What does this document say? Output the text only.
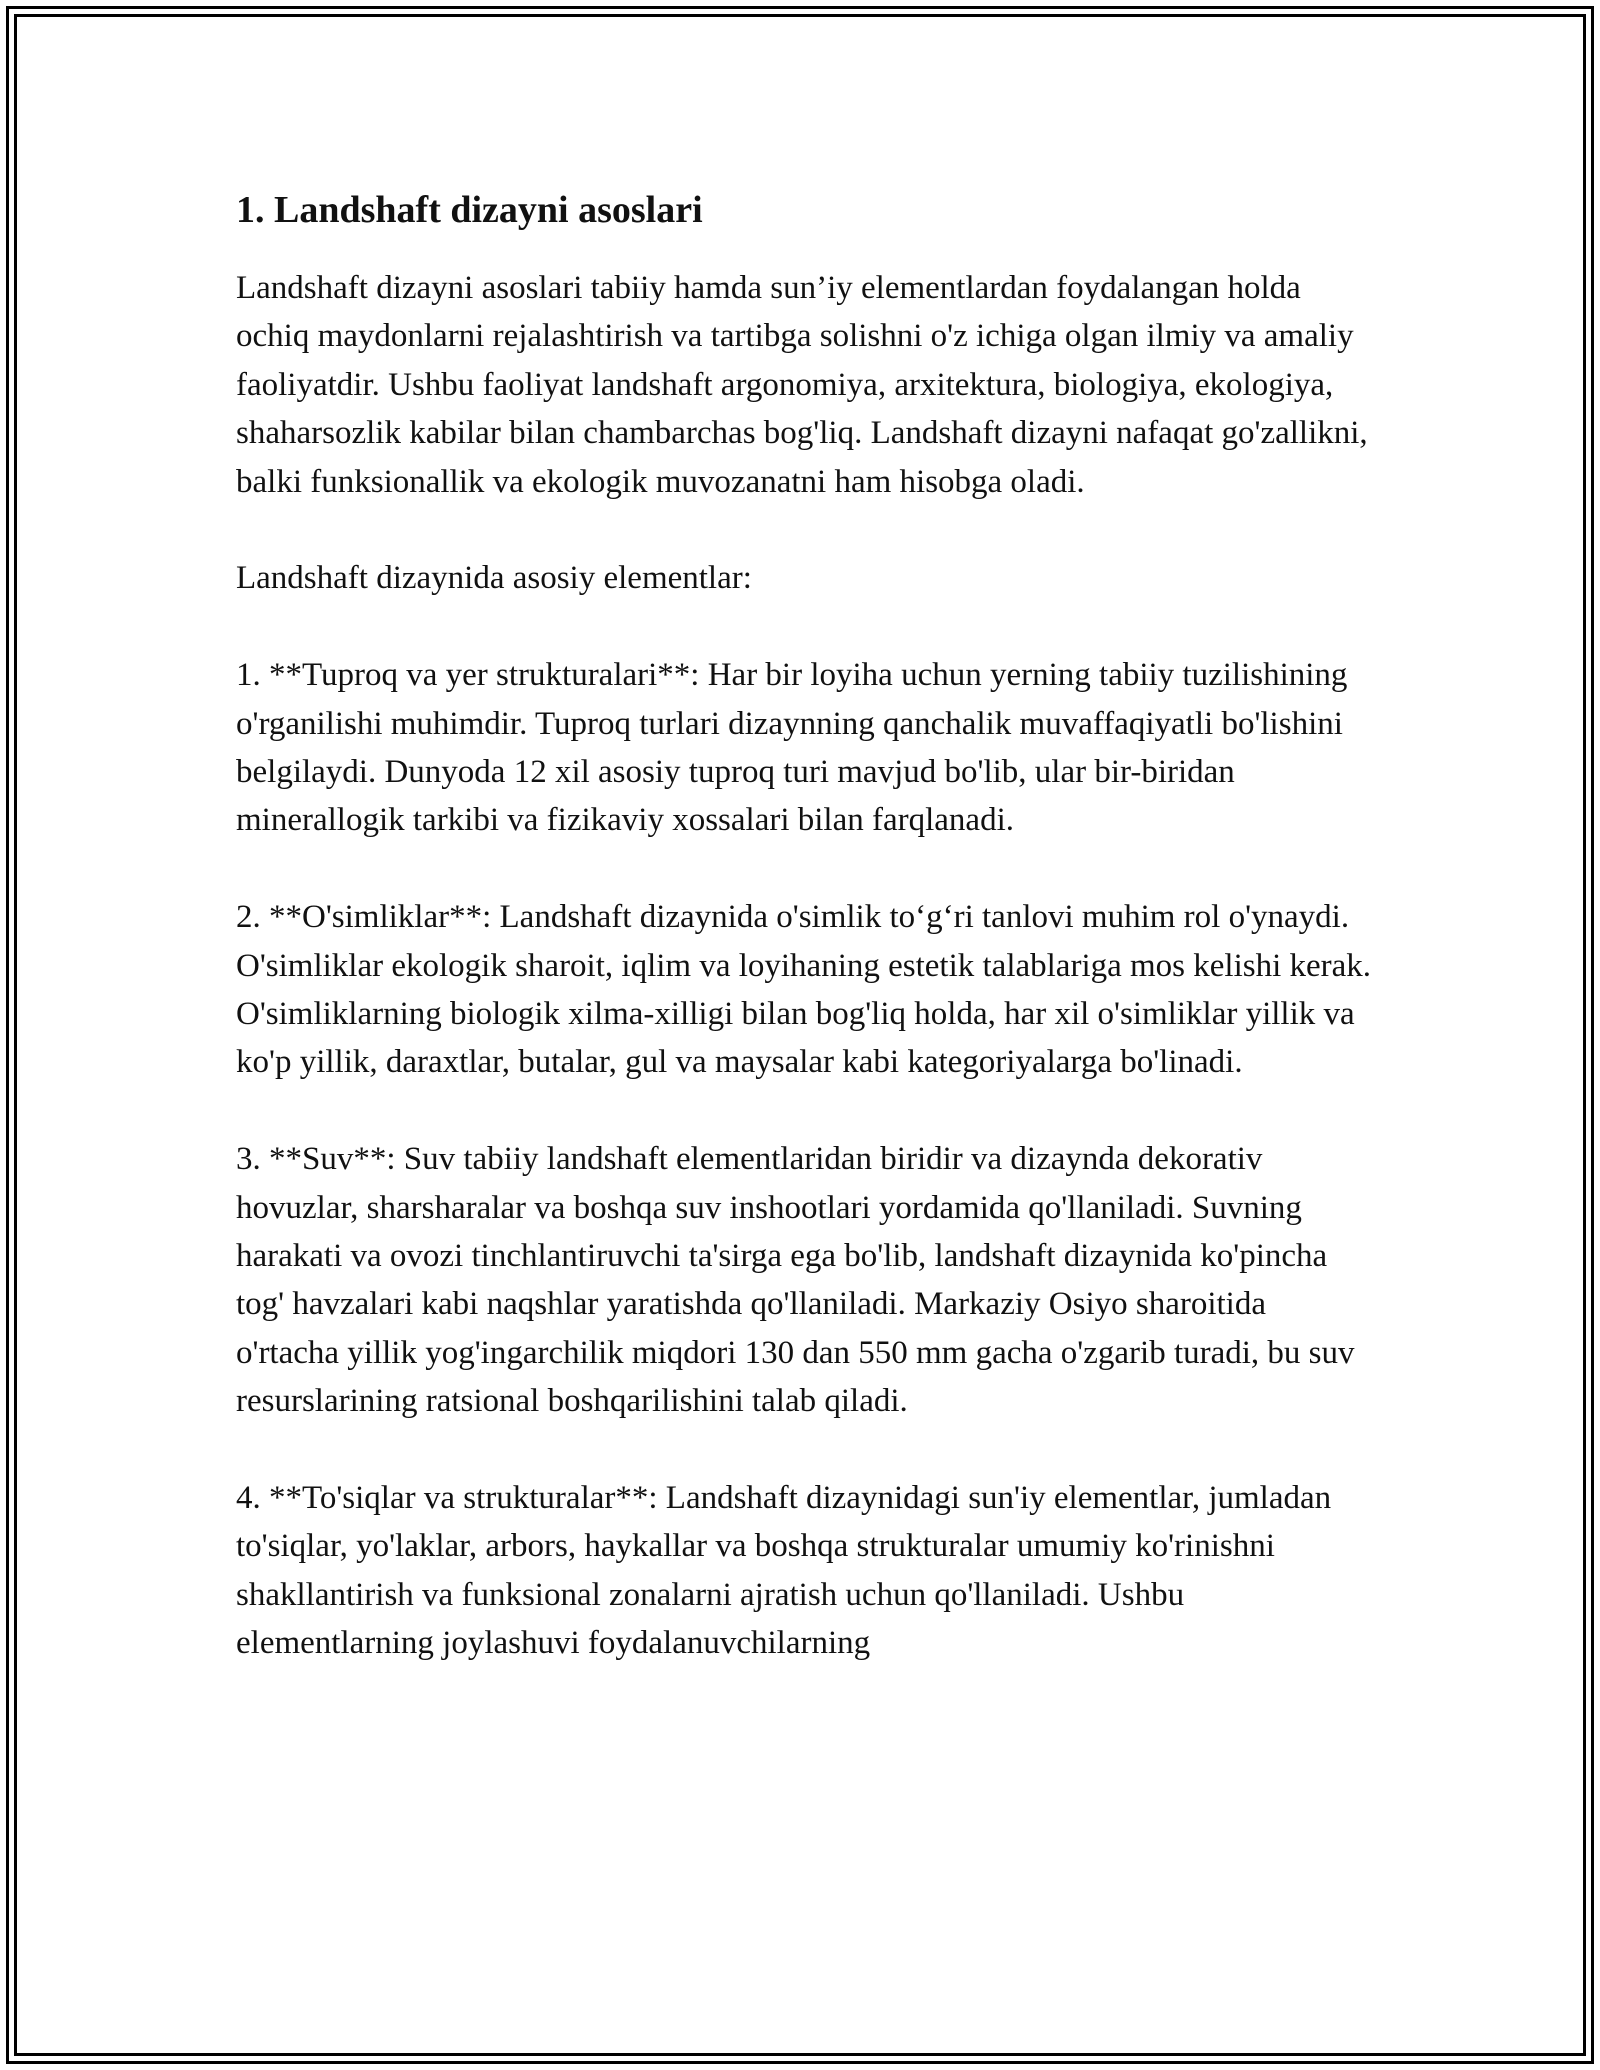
1. Landshaft dizayni asoslari

Landshaft dizayni asoslari tabiiy hamda sun’iy elementlardan foydalangan holda ochiq maydonlarni rejalashtirish va tartibga solishni o'z ichiga olgan ilmiy va amaliy faoliyatdir. Ushbu faoliyat landshaft argonomiya, arxitektura, biologiya, ekologiya, shaharsozlik kabilar bilan chambarchas bog'liq. Landshaft dizayni nafaqat go'zallikni, balki funksionallik va ekologik muvozanatni ham hisobga oladi.

Landshaft dizaynida asosiy elementlar:

1. **Tuproq va yer strukturalari**: Har bir loyiha uchun yerning tabiiy tuzilishining o'rganilishi muhimdir. Tuproq turlari dizaynning qanchalik muvaffaqiyatli bo'lishini belgilaydi. Dunyoda 12 xil asosiy tuproq turi mavjud bo'lib, ular bir-biridan minerallogik tarkibi va fizikaviy xossalari bilan farqlanadi.

2. **O'simliklar**: Landshaft dizaynida o'simlik to‘g‘ri tanlovi muhim rol o'ynaydi. O'simliklar ekologik sharoit, iqlim va loyihaning estetik talablariga mos kelishi kerak. O'simliklarning biologik xilma-xilligi bilan bog'liq holda, har xil o'simliklar yillik va ko'p yillik, daraxtlar, butalar, gul va maysalar kabi kategoriyalarga bo'linadi.

3. **Suv**: Suv tabiiy landshaft elementlaridan biridir va dizaynda dekorativ hovuzlar, sharsharalar va boshqa suv inshootlari yordamida qo'llaniladi. Suvning harakati va ovozi tinchlantiruvchi ta'sirga ega bo'lib, landshaft dizaynida ko'pincha tog' havzalari kabi naqshlar yaratishda qo'llaniladi. Markaziy Osiyo sharoitida o'rtacha yillik yog'ingarchilik miqdori 130 dan 550 mm gacha o'zgarib turadi, bu suv resurslarining ratsional boshqarilishini talab qiladi.

4. **To'siqlar va strukturalar**: Landshaft dizaynidagi sun'iy elementlar, jumladan to'siqlar, yo'laklar, arbors, haykallar va boshqa strukturalar umumiy ko'rinishni shakllantirish va funksional zonalarni ajratish uchun qo'llaniladi. Ushbu elementlarning joylashuvi foydalanuvchilarning
